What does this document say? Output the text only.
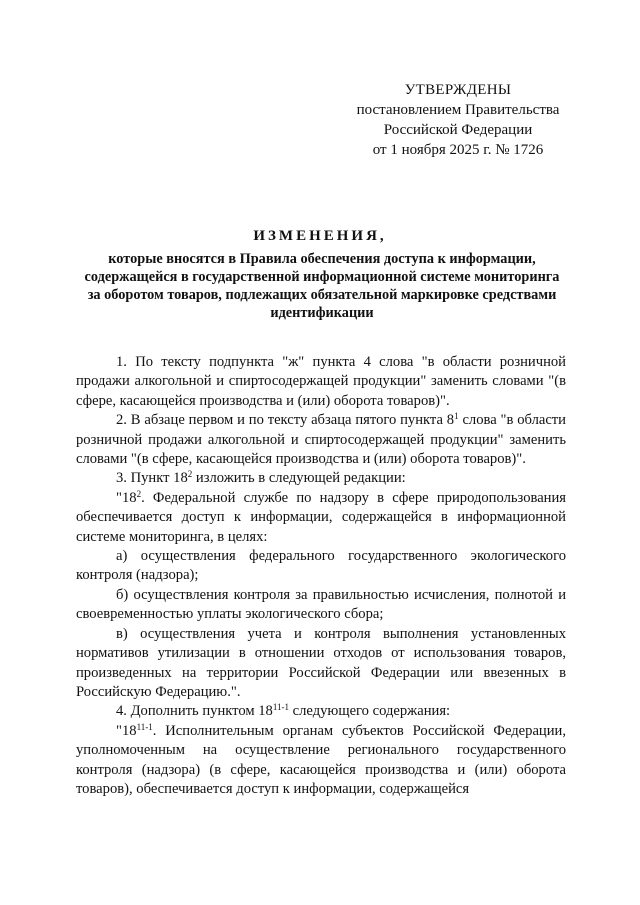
УТВЕРЖДЕНЫ
постановлением Правительства
Российской Федерации
от 1 ноября 2025 г. № 1726
ИЗМЕНЕНИЯ,
которые вносятся в Правила обеспечения доступа к информации, содержащейся в государственной информационной системе мониторинга за оборотом товаров, подлежащих обязательной маркировке средствами идентификации

1. По тексту подпункта "ж" пункта 4 слова "в области розничной продажи алкогольной и спиртосодержащей продукции" заменить словами "(в сфере, касающейся производства и (или) оборота товаров)".

2. В абзаце первом и по тексту абзаца пятого пункта $8^1$ слова "в области розничной продажи алкогольной и спиртосодержащей продукции" заменить словами "(в сфере, касающейся производства и (или) оборота товаров)".

3. Пункт $18^2$ изложить в следующей редакции:

"$18^2$. Федеральной службе по надзору в сфере природопользования обеспечивается доступ к информации, содержащейся в информационной системе мониторинга, в целях:

а) осуществления федерального государственного экологического контроля (надзора);

б) осуществления контроля за правильностью исчисления, полнотой и своевременностью уплаты экологического сбора;

в) осуществления учета и контроля выполнения установленных нормативов утилизации в отношении отходов от использования товаров, произведенных на территории Российской Федерации или ввезенных в Российскую Федерацию.".

4. Дополнить пунктом 18$^{11-1}$ следующего содержания:

"18$^{11-1}$. Исполнительным органам субъектов Российской Федерации, уполномоченным на осуществление регионального государственного контроля (надзора) (в сфере, касающейся производства и (или) оборота товаров), обеспечивается доступ к информации, содержащейся
